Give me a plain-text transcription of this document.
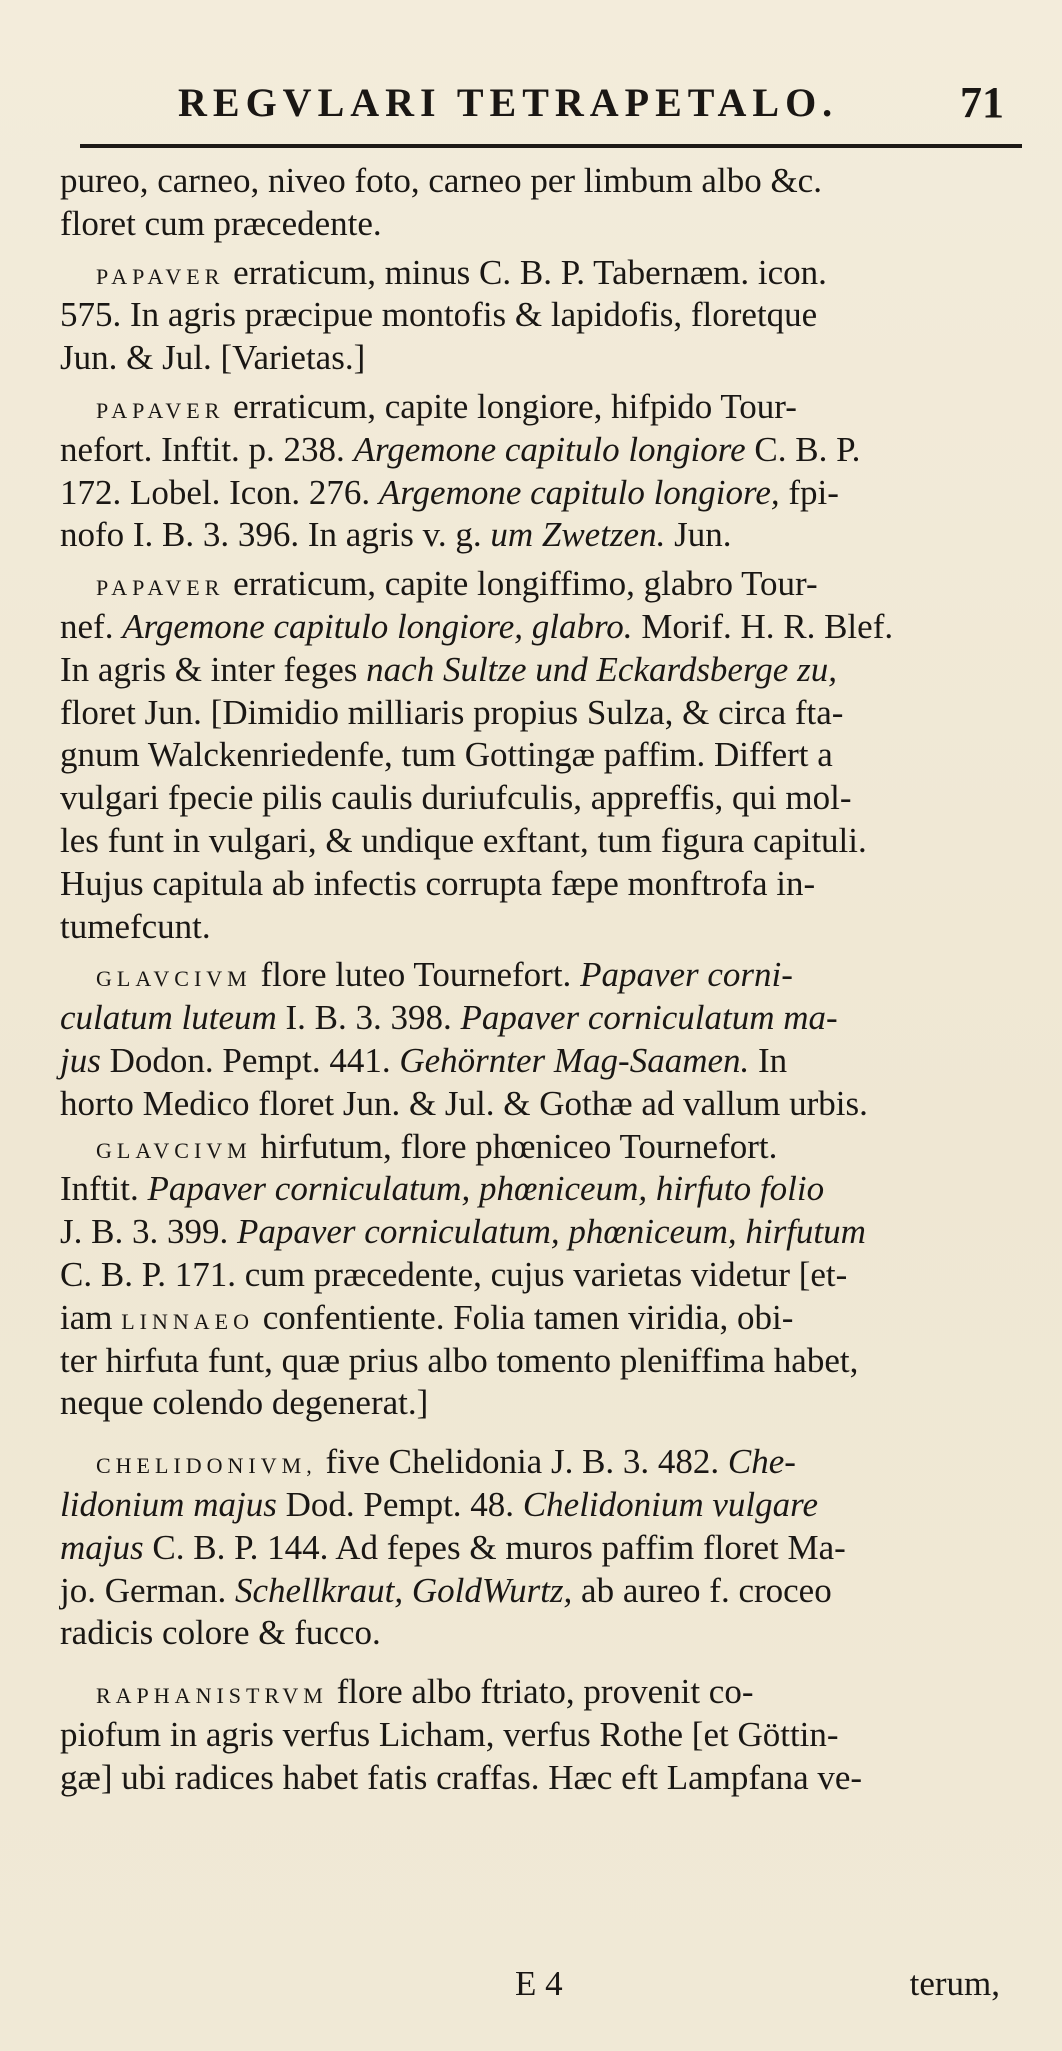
REGVLARI TETRAPETALO.	71
pureo, carneo, niveo foto, carneo per limbum albo &c.
floret cum præcedente.
PAPAVER erraticum, minus C. B. P. Tabernæm. icon.
575. In agris præcipue montofis & lapidofis, floretque
Jun. & Jul. [Varietas.]
PAPAVER erraticum, capite longiore, hifpido Tour-
nefort. Inftit. p. 238. Argemone capitulo longiore C. B. P.
172. Lobel. Icon. 276. Argemone capitulo longiore, fpi-
nofo I. B. 3. 396. In agris v. g. um Zwetzen. Jun.
PAPAVER erraticum, capite longiffimo, glabro Tour-
nef. Argemone capitulo longiore, glabro. Morif. H. R. Blef.
In agris & inter feges nach Sultze und Eckardsberge zu,
floret Jun. [Dimidio milliaris propius Sulza, & circa fta-
gnum Walckenriedenfe, tum Gottingæ paffim. Differt a
vulgari fpecie pilis caulis duriufculis, appreffis, qui mol-
les funt in vulgari, & undique exftant, tum figura capituli.
Hujus capitula ab infectis corrupta fæpe monftrofa in-
tumefcunt.
GLAVCIVM flore luteo Tournefort. Papaver corni-
culatum luteum I. B. 3. 398. Papaver corniculatum ma-
jus Dodon. Pempt. 441. Gehörnter Mag-Saamen. In
horto Medico floret Jun. & Jul. & Gothæ ad vallum urbis.
GLAVCIVM hirfutum, flore phœniceo Tournefort.
Inftit. Papaver corniculatum, phœniceum, hirfuto folio
J. B. 3. 399. Papaver corniculatum, phœniceum, hirfutum
C. B. P. 171. cum præcedente, cujus varietas videtur [et-
iam LINNAEO confentiente. Folia tamen viridia, obi-
ter hirfuta funt, quæ prius albo tomento pleniffima habet,
neque colendo degenerat.]
CHELIDONIVM, five Chelidonia J. B. 3. 482. Che-
lidonium majus Dod. Pempt. 48. Chelidonium vulgare
majus C. B. P. 144. Ad fepes & muros paffim floret Ma-
jo. German. Schellkraut, GoldWurtz, ab aureo f. croceo
radicis colore & fucco.
RAPHANISTRVM flore albo ftriato, provenit co-
piofum in agris verfus Licham, verfus Rothe [et Göttin-
gæ] ubi radices habet fatis craffas. Hæc eft Lampfana ve-
E 4	terum,
